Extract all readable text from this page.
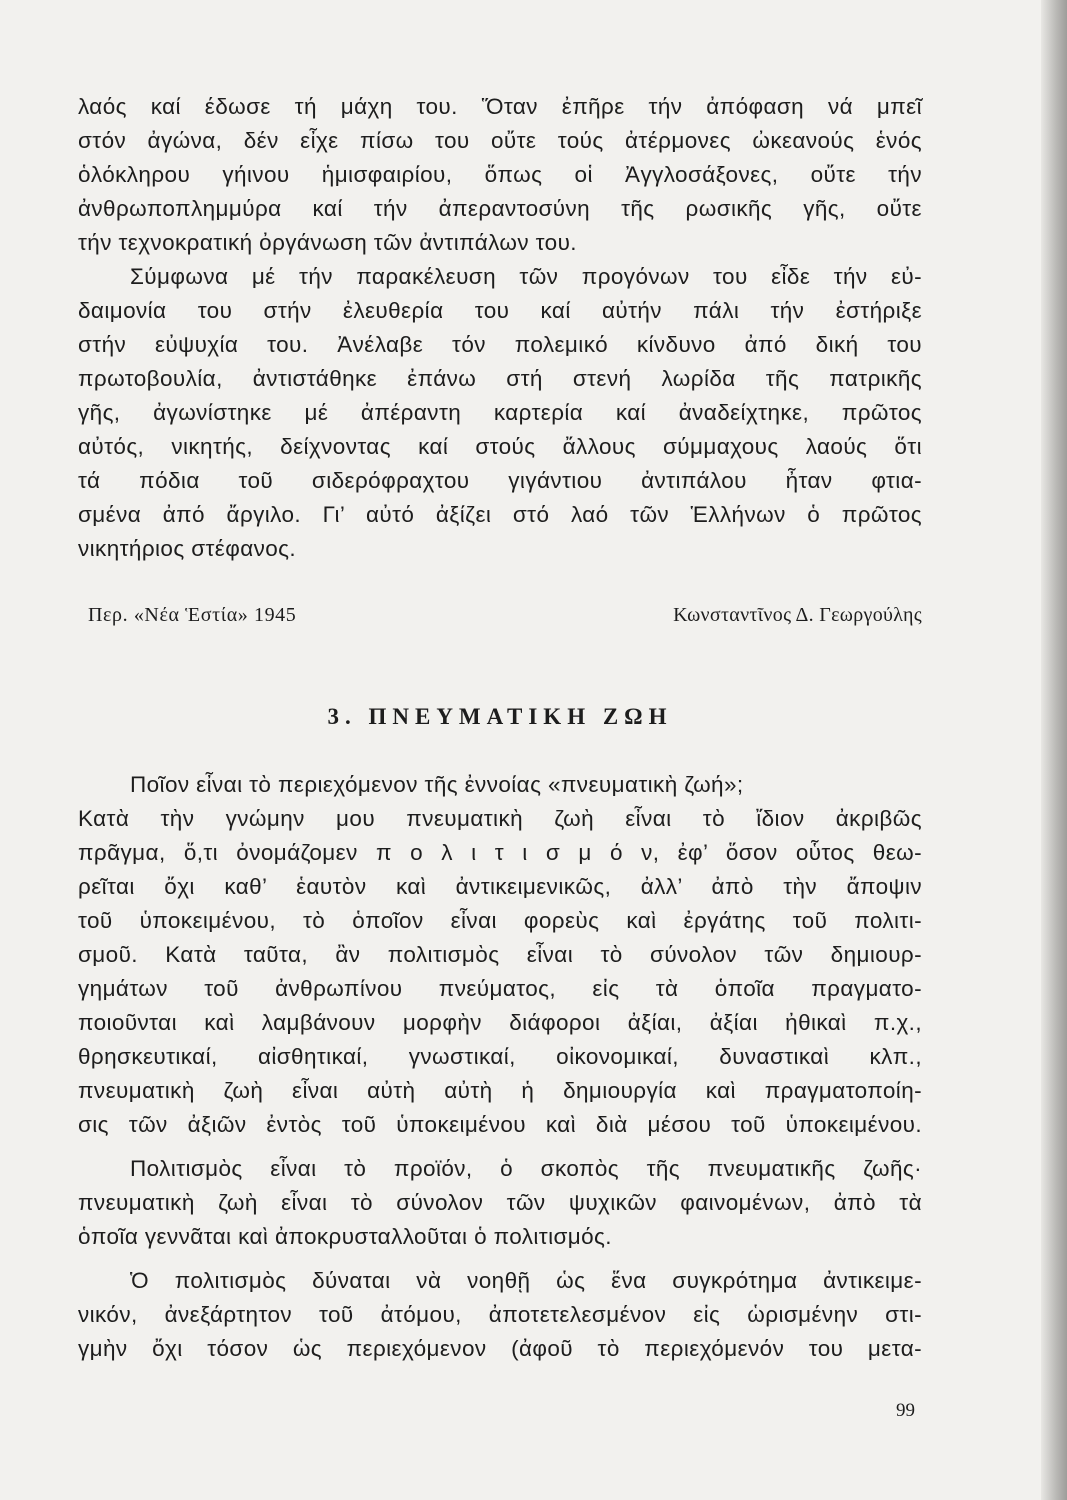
λαός καί έδωσε τή μάχη του. Ὅταν ἐπῆρε τήν ἀπόφαση νά μπεῖ
στόν ἀγώνα, δέν εἶχε πίσω του οὔτε τούς ἀτέρμονες ὠκεανούς ἑνός
ὁλόκληρου γήινου ἡμισφαιρίου, ὅπως οἱ Ἀγγλοσάξονες, οὔτε τήν
ἀνθρωποπλημμύρα καί τήν ἀπεραντοσύνη τῆς ρωσικῆς γῆς, οὔτε
τήν τεχνοκρατική ὀργάνωση τῶν ἀντιπάλων του.
Σύμφωνα μέ τήν παρακέλευση τῶν προγόνων του εἶδε τήν εὐ-
δαιμονία του στήν ἐλευθερία του καί αὐτήν πάλι τήν ἐστήριξε
στήν εὐψυχία του. Ἀνέλαβε τόν πολεμικό κίνδυνο ἀπό δική του
πρωτοβουλία, ἀντιστάθηκε ἐπάνω στή στενή λωρίδα τῆς πατρικῆς
γῆς, ἀγωνίστηκε μέ ἀπέραντη καρτερία καί ἀναδείχτηκε, πρῶτος
αὐτός, νικητής, δείχνοντας καί στούς ἄλλους σύμμαχους λαούς ὅτι
τά πόδια τοῦ σιδερόφραχτου γιγάντιου ἀντιπάλου ἦταν φτια-
σμένα ἀπό ἄργιλο. Γι’ αὐτό ἀξίζει στό λαό τῶν Ἑλλήνων ὁ πρῶτος
νικητήριος στέφανος.
Περ. «Νέα Ἑστία» 1945	Κωνσταντῖνος Δ. Γεωργούλης
3. ΠΝΕΥΜΑΤΙΚΗ ΖΩΗ
Ποῖον εἶναι τὸ περιεχόμενον τῆς ἐννοίας «πνευματικὴ ζωή»;
Κατὰ τὴν γνώμην μου πνευματικὴ ζωὴ εἶναι τὸ ἴδιον ἀκριβῶς
πρᾶγμα, ὅ,τι ὀνομάζομεν π ο λ ι τ ι σ μ ό ν, ἐφ’ ὅσον οὗτος θεω-
ρεῖται ὄχι καθ’ ἑαυτὸν καὶ ἀντικειμενικῶς, ἀλλ’ ἀπὸ τὴν ἄποψιν
τοῦ ὑποκειμένου, τὸ ὁποῖον εἶναι φορεὺς καὶ ἐργάτης τοῦ πολιτι-
σμοῦ. Κατὰ ταῦτα, ἂν πολιτισμὸς εἶναι τὸ σύνολον τῶν δημιουρ-
γημάτων τοῦ ἀνθρωπίνου πνεύματος, εἰς τὰ ὁποῖα πραγματο-
ποιοῦνται καὶ λαμβάνουν μορφὴν διάφοροι ἀξίαι, ἀξίαι ἠθικαὶ π.χ.,
θρησκευτικαί, αἰσθητικαί, γνωστικαί, οἰκονομικαί, δυναστικαὶ κλπ.,
πνευματικὴ ζωὴ εἶναι αὐτὴ αὐτὴ ἡ δημιουργία καὶ πραγματοποίη-
σις τῶν ἀξιῶν ἐντὸς τοῦ ὑποκειμένου καὶ διὰ μέσου τοῦ ὑποκειμένου.
Πολιτισμὸς εἶναι τὸ προϊόν, ὁ σκοπὸς τῆς πνευματικῆς ζωῆς·
πνευματικὴ ζωὴ εἶναι τὸ σύνολον τῶν ψυχικῶν φαινομένων, ἀπὸ τὰ
ὁποῖα γεννᾶται καὶ ἀποκρυσταλλοῦται ὁ πολιτισμός.
Ὁ πολιτισμὸς δύναται νὰ νοηθῇ ὡς ἕνα συγκρότημα ἀντικειμε-
νικόν, ἀνεξάρτητον τοῦ ἀτόμου, ἀποτετελεσμένον εἰς ὡρισμένην στι-
γμὴν ὄχι τόσον ὡς περιεχόμενον (ἀφοῦ τὸ περιεχόμενόν του μετα-
99
